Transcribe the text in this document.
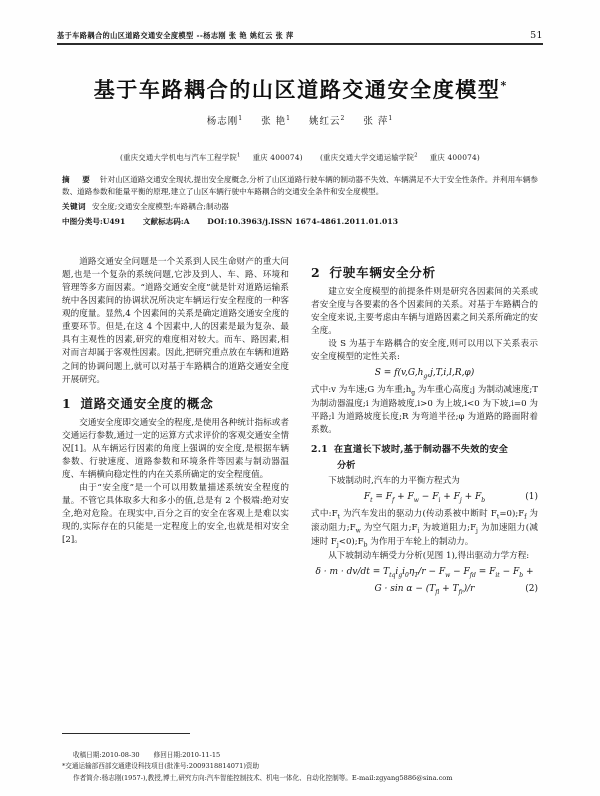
基于车路耦合的山区道路交通安全度模型 --杨志刚 张 艳 姚红云 张 萍	51
基于车路耦合的山区道路交通安全度模型*
杨志刚$^1$ 张 艳$^1$ 姚红云$^2$ 张 萍$^1$
(重庆交通大学机电与汽车工程学院$^1$ 重庆 400074) (重庆交通大学交通运输学院$^2$ 重庆 400074)
摘 要 针对山区道路交通安全现状,提出安全度概念,分析了山区道路行驶车辆的制动器不失效、车辆满足不大于安全性条件。并利用车辆参数、道路参数和能量平衡的原理,建立了山区车辆行驶中车路耦合的交通安全条件和安全度模型。
关键词 安全度;交通安全度模型;车路耦合;制动器
中图分类号:U491 文献标志码:A DOI:10.3963/j.ISSN 1674-4861.2011.01.013

道路交通安全问题是一个关系到人民生命财产的重大问题,也是一个复杂的系统问题,它涉及到人、车、路、环境和管理等多方面因素。“道路交通安全度”就是针对道路运输系统中各因素间的协调状况所决定车辆运行安全程度的一种客观的度量。显然,4 个因素间的关系是确定道路交通安全度的重要环节。但是,在这 4 个因素中,人的因素是最为复杂、最具有主观性的因素,研究的难度相对较大。而车、路因素,相对而言却属于客观性因素。因此,把研究重点放在车辆和道路之间的协调问题上,就可以对基于车路耦合的道路交通安全度开展研究。

1 道路交通安全度的概念

交通安全度即交通安全的程度,是使用各种统计指标或者交通运行参数,通过一定的运算方式求评价的客观交通安全情况[1]。从车辆运行因素的角度上强调的安全度,是根据车辆参数、行驶速度、道路参数和环境条件等因素与制动器温度、车辆横向稳定性的内在关系所确定的安全程度值。

由于“安全度”是一个可以用数量描述系统安全程度的量。不管它具体取多大和多小的值,总是有 2 个极端:绝对安全,绝对危险。在现实中,百分之百的安全在客观上是难以实现的,实际存在的只能是一定程度上的安全,也就是相对安全[2]。

2 行驶车辆安全分析

建立安全度模型的前提条件则是研究各因素间的关系或者安全度与各要素的各个因素间的关系。对基于车路耦合的安全度来说,主要考虑由车辆与道路因素之间关系所确定的安全度。

设 S 为基于车路耦合的安全度,则可以用以下关系表示安全度模型的定性关系:

$S = f(v,G,h_g,j,T,i,l,R,\varphi)$

式中:v 为车速;G 为车重$;h_g$ 为车重心高度;j 为制动减速度;T 为制动器温度;i 为道路坡度,i>0 为上坡,i<0 为下坡,i=0 为平路;l 为道路坡度长度;R 为弯道半径;φ 为道路的路面附着系数。

2.1 在直道长下坡时,基于制动器不失效的安全
分析

下坡制动时,汽车的力平衡方程式为

$F_t = F_f + F_w - F_i + F_j + F_b$	(1)

式中$:F_t$ 为汽车发出的驱动力(传动系被中断时 $F_t=0);F_f$ 为滚动阻力$;F_w$ 为空气阻力$;F_i$ 为坡道阻力$;F_j$ 为加速阻力(减速时 $F_j<0);F_b$ 为作用于车轮上的制动力。

从下坡制动车辆受力分析(见图 1),得出驱动力学方程:

$\delta \cdot m \cdot dv/dt = T_{tq}i_gi_0\eta_T/r - F_w - F_{fd} = F_{it} - F_b$ +
$G \cdot \sin \alpha - (T_{fl} + T_{fr})/r$	(2)
收稿日期:2010-08-30 修回日期:2010-11-15
*交通运输部西部交通建设科技项目(批准号:2009318814071)资助
作者简介:杨志刚(1957-),教授,博士,研究方向:汽车智能控制技术、机电一体化、自动化控制等。E-mail:zgyang5886@sina.com
